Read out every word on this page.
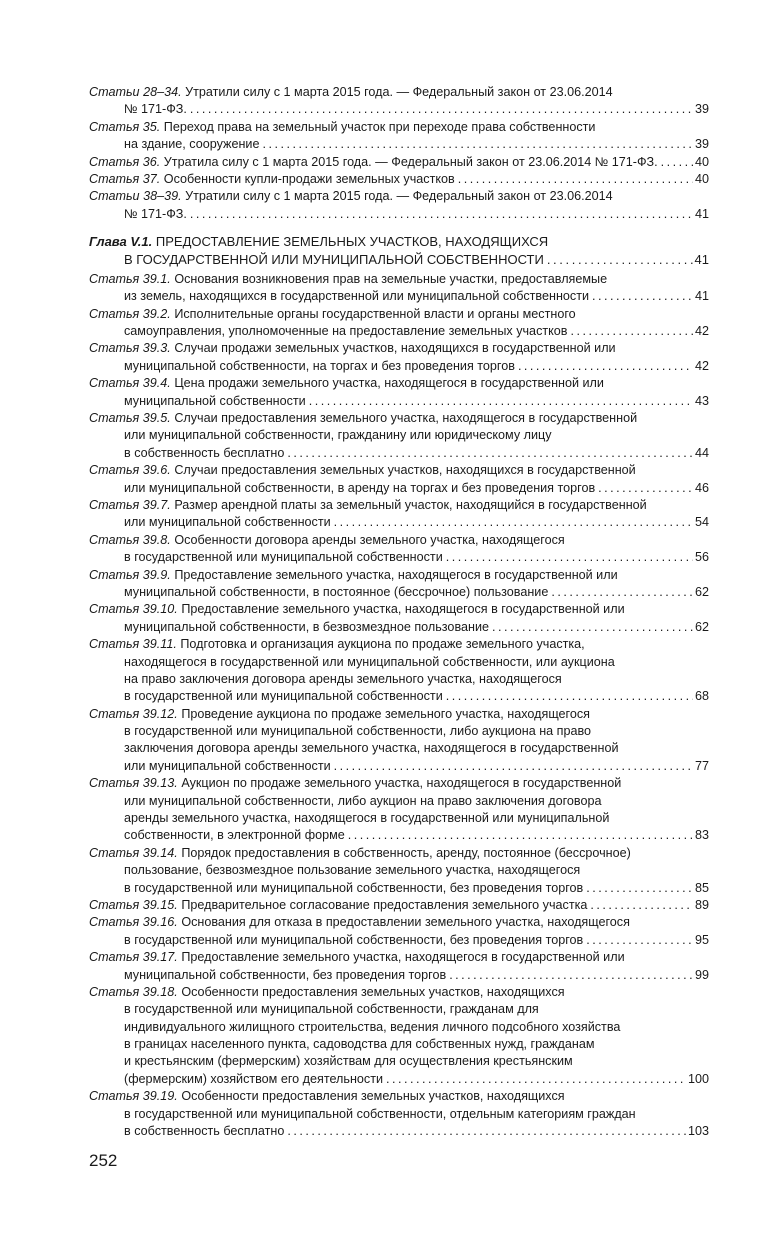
Статьи 28–34.
Утратили силу с 1 марта 2015 года. — Федеральный закон от 23.06.2014
№ 171-ФЗ. . . .	39
Статья 35.
Переход права на земельный участок при переходе права собственности
на здание, сооружение . . .	39
Статья 36.
Утратила силу с 1 марта 2015 года. — Федеральный закон от 23.06.2014 № 171-ФЗ. . . .	40
Статья 37.
Особенности купли-продажи земельных участков . . .	40
Статьи 38–39.
Утратили силу с 1 марта 2015 года. — Федеральный закон от 23.06.2014
№ 171-ФЗ. . . .	41
Глава V.1.
ПРЕДОСТАВЛЕНИЕ ЗЕМЕЛЬНЫХ УЧАСТКОВ, НАХОДЯЩИХСЯ
В ГОСУДАРСТВЕННОЙ ИЛИ МУНИЦИПАЛЬНОЙ СОБСТВЕННОСТИ . . .	41
Статья 39.1.
Основания возникновения прав на земельные участки, предоставляемые
из земель, находящихся в государственной или муниципальной собственности . . .	41
Статья 39.2.
Исполнительные органы государственной власти и органы местного
самоуправления, уполномоченные на предоставление земельных участков . . .	42
Статья 39.3.
Случаи продажи земельных участков, находящихся в государственной или
муниципальной собственности, на торгах и без проведения торгов . . .	42
Статья 39.4.
Цена продажи земельного участка, находящегося в государственной или
муниципальной собственности . . .	43
Статья 39.5.
Случаи предоставления земельного участка, находящегося в государственной
или муниципальной собственности, гражданину или юридическому лицу
в собственность бесплатно . . .	44
Статья 39.6.
Случаи предоставления земельных участков, находящихся в государственной
или муниципальной собственности, в аренду на торгах и без проведения торгов . . .	46
Статья 39.7.
Размер арендной платы за земельный участок, находящийся в государственной
или муниципальной собственности . . .	54
Статья 39.8.
Особенности договора аренды земельного участка, находящегося
в государственной или муниципальной собственности . . .	56
Статья 39.9.
Предоставление земельного участка, находящегося в государственной или
муниципальной собственности, в постоянное (бессрочное) пользование . . .	62
Статья 39.10.
Предоставление земельного участка, находящегося в государственной или
муниципальной собственности, в безвозмездное пользование . . .	62
Статья 39.11.
Подготовка и организация аукциона по продаже земельного участка,
находящегося в государственной или муниципальной собственности, или аукциона
на право заключения договора аренды земельного участка, находящегося
в государственной или муниципальной собственности . . .	68
Статья 39.12.
Проведение аукциона по продаже земельного участка, находящегося
в государственной или муниципальной собственности, либо аукциона на право
заключения договора аренды земельного участка, находящегося в государственной
или муниципальной собственности . . .	77
Статья 39.13.
Аукцион по продаже земельного участка, находящегося в государственной
или муниципальной собственности, либо аукцион на право заключения договора
аренды земельного участка, находящегося в государственной или муниципальной
собственности, в электронной форме . . .	83
Статья 39.14.
Порядок предоставления в собственность, аренду, постоянное (бессрочное)
пользование, безвозмездное пользование земельного участка, находящегося
в государственной или муниципальной собственности, без проведения торгов . . .	85
Статья 39.15.
Предварительное согласование предоставления земельного участка . . .	89
Статья 39.16.
Основания для отказа в предоставлении земельного участка, находящегося
в государственной или муниципальной собственности, без проведения торгов . . .	95
Статья 39.17.
Предоставление земельного участка, находящегося в государственной или
муниципальной собственности, без проведения торгов . . .	99
Статья 39.18.
Особенности предоставления земельных участков, находящихся
в государственной или муниципальной собственности, гражданам для
индивидуального жилищного строительства, ведения личного подсобного хозяйства
в границах населенного пункта, садоводства для собственных нужд, гражданам
и крестьянским (фермерским) хозяйствам для осуществления крестьянским
(фермерским) хозяйством его деятельности . . .	100
Статья 39.19.
Особенности предоставления земельных участков, находящихся
в государственной или муниципальной собственности, отдельным категориям граждан
в собственность бесплатно . . .	103
252
